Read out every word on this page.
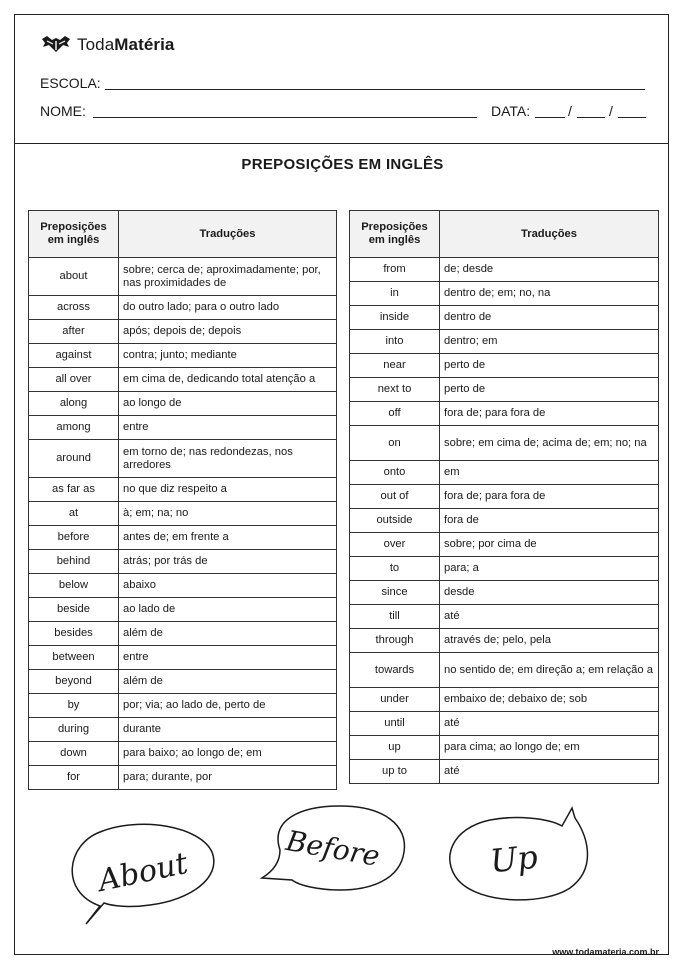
TodaMatéria
ESCOLA:
NOME:	DATA:	/	/
PREPOSIÇÕES EM INGLÊS
Preposições em inglês	Traduções
about	sobre; cerca de; aproximadamente; por, nas proximidades de
across	do outro lado; para o outro lado
after	após; depois de; depois
against	contra; junto; mediante
all over	em cima de, dedicando total atenção a
along	ao longo de
among	entre
around	em torno de; nas redondezas, nos arredores
as far as	no que diz respeito a
at	à; em; na; no
before	antes de; em frente a
behind	atrás; por trás de
below	abaixo
beside	ao lado de
besides	além de
between	entre
beyond	além de
by	por; via; ao lado de, perto de
during	durante
down	para baixo; ao longo de; em
for	para; durante, por
Preposições em inglês	Traduções
from	de; desde
in	dentro de; em; no, na
inside	dentro de
into	dentro; em
near	perto de
next to	perto de
off	fora de; para fora de
on	sobre; em cima de; acima de; em; no; na
onto	em
out of	fora de; para fora de
outside	fora de
over	sobre; por cima de
to	para; a
since	desde
till	até
through	através de; pelo, pela
towards	no sentido de; em direção a; em relação a
under	embaixo de; debaixo de; sob
until	até
up	para cima; ao longo de; em
up to	até
About	Before	Up
www.todamateria.com.br
